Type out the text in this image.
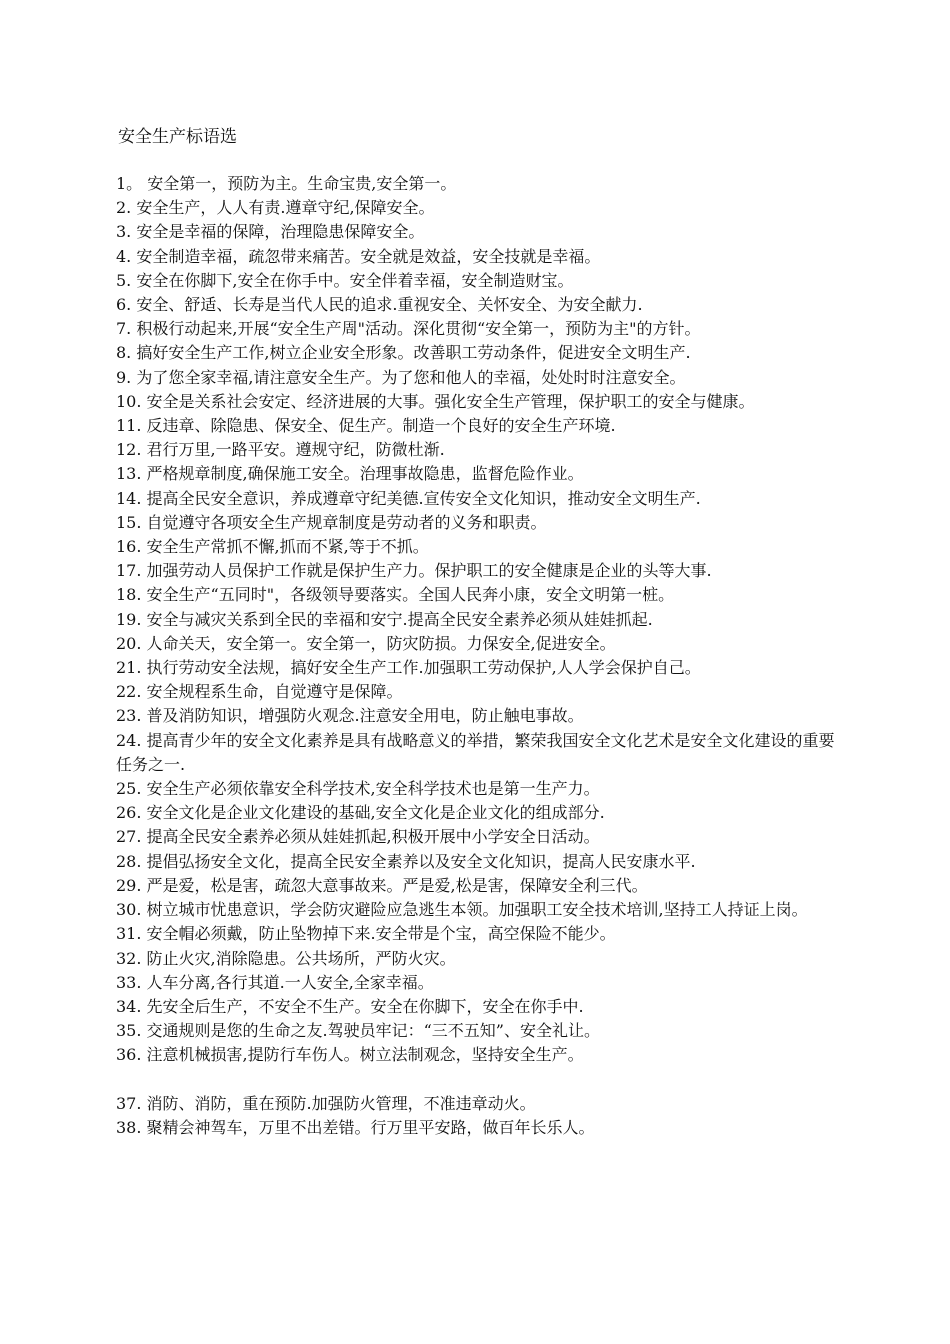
安全生产标语选
1。 安全第一，预防为主。生命宝贵,安全第一。
2. 安全生产，人人有责.遵章守纪,保障安全。
3. 安全是幸福的保障，治理隐患保障安全。
4. 安全制造幸福，疏忽带来痛苦。安全就是效益，安全技就是幸福。
5. 安全在你脚下,安全在你手中。安全伴着幸福，安全制造财宝。
6. 安全、舒适、长寿是当代人民的追求.重视安全、关怀安全、为安全献力.
7. 积极行动起来,开展“安全生产周"活动。深化贯彻“安全第一，预防为主"的方针。
8. 搞好安全生产工作,树立企业安全形象。改善职工劳动条件，促进安全文明生产.
9. 为了您全家幸福,请注意安全生产。为了您和他人的幸福，处处时时注意安全。
10. 安全是关系社会安定、经济进展的大事。强化安全生产管理，保护职工的安全与健康。
11. 反违章、除隐患、保安全、促生产。制造一个良好的安全生产环境.
12. 君行万里,一路平安。遵规守纪，防微杜渐.
13. 严格规章制度,确保施工安全。治理事故隐患，监督危险作业。
14. 提高全民安全意识，养成遵章守纪美德.宣传安全文化知识，推动安全文明生产.
15. 自觉遵守各项安全生产规章制度是劳动者的义务和职责。
16. 安全生产常抓不懈,抓而不紧,等于不抓。
17. 加强劳动人员保护工作就是保护生产力。保护职工的安全健康是企业的头等大事.
18. 安全生产“五同时"，各级领导要落实。全国人民奔小康，安全文明第一桩。
19. 安全与减灾关系到全民的幸福和安宁.提高全民安全素养必须从娃娃抓起.
20. 人命关天，安全第一。安全第一，防灾防损。力保安全,促进安全。
21. 执行劳动安全法规，搞好安全生产工作.加强职工劳动保护,人人学会保护自己。
22. 安全规程系生命，自觉遵守是保障。
23. 普及消防知识，增强防火观念.注意安全用电，防止触电事故。
24. 提高青少年的安全文化素养是具有战略意义的举措，繁荣我国安全文化艺术是安全文化建设的重要任务之一.
25. 安全生产必须依靠安全科学技术,安全科学技术也是第一生产力。
26. 安全文化是企业文化建设的基础,安全文化是企业文化的组成部分.
27. 提高全民安全素养必须从娃娃抓起,积极开展中小学安全日活动。
28. 提倡弘扬安全文化，提高全民安全素养以及安全文化知识，提高人民安康水平.
29. 严是爱，松是害，疏忽大意事故来。严是爱,松是害，保障安全利三代。
30. 树立城市忧患意识，学会防灾避险应急逃生本领。加强职工安全技术培训,坚持工人持证上岗。
31. 安全帽必须戴，防止坠物掉下来.安全带是个宝，高空保险不能少。
32. 防止火灾,消除隐患。公共场所，严防火灾。
33. 人车分离,各行其道.一人安全,全家幸福。
34. 先安全后生产，不安全不生产。安全在你脚下，安全在你手中.
35. 交通规则是您的生命之友.驾驶员牢记：“三不五知”、安全礼让。
36. 注意机械损害,提防行车伤人。树立法制观念，坚持安全生产。
37. 消防、消防，重在预防.加强防火管理，不准违章动火。
38. 聚精会神驾车，万里不出差错。行万里平安路，做百年长乐人。
